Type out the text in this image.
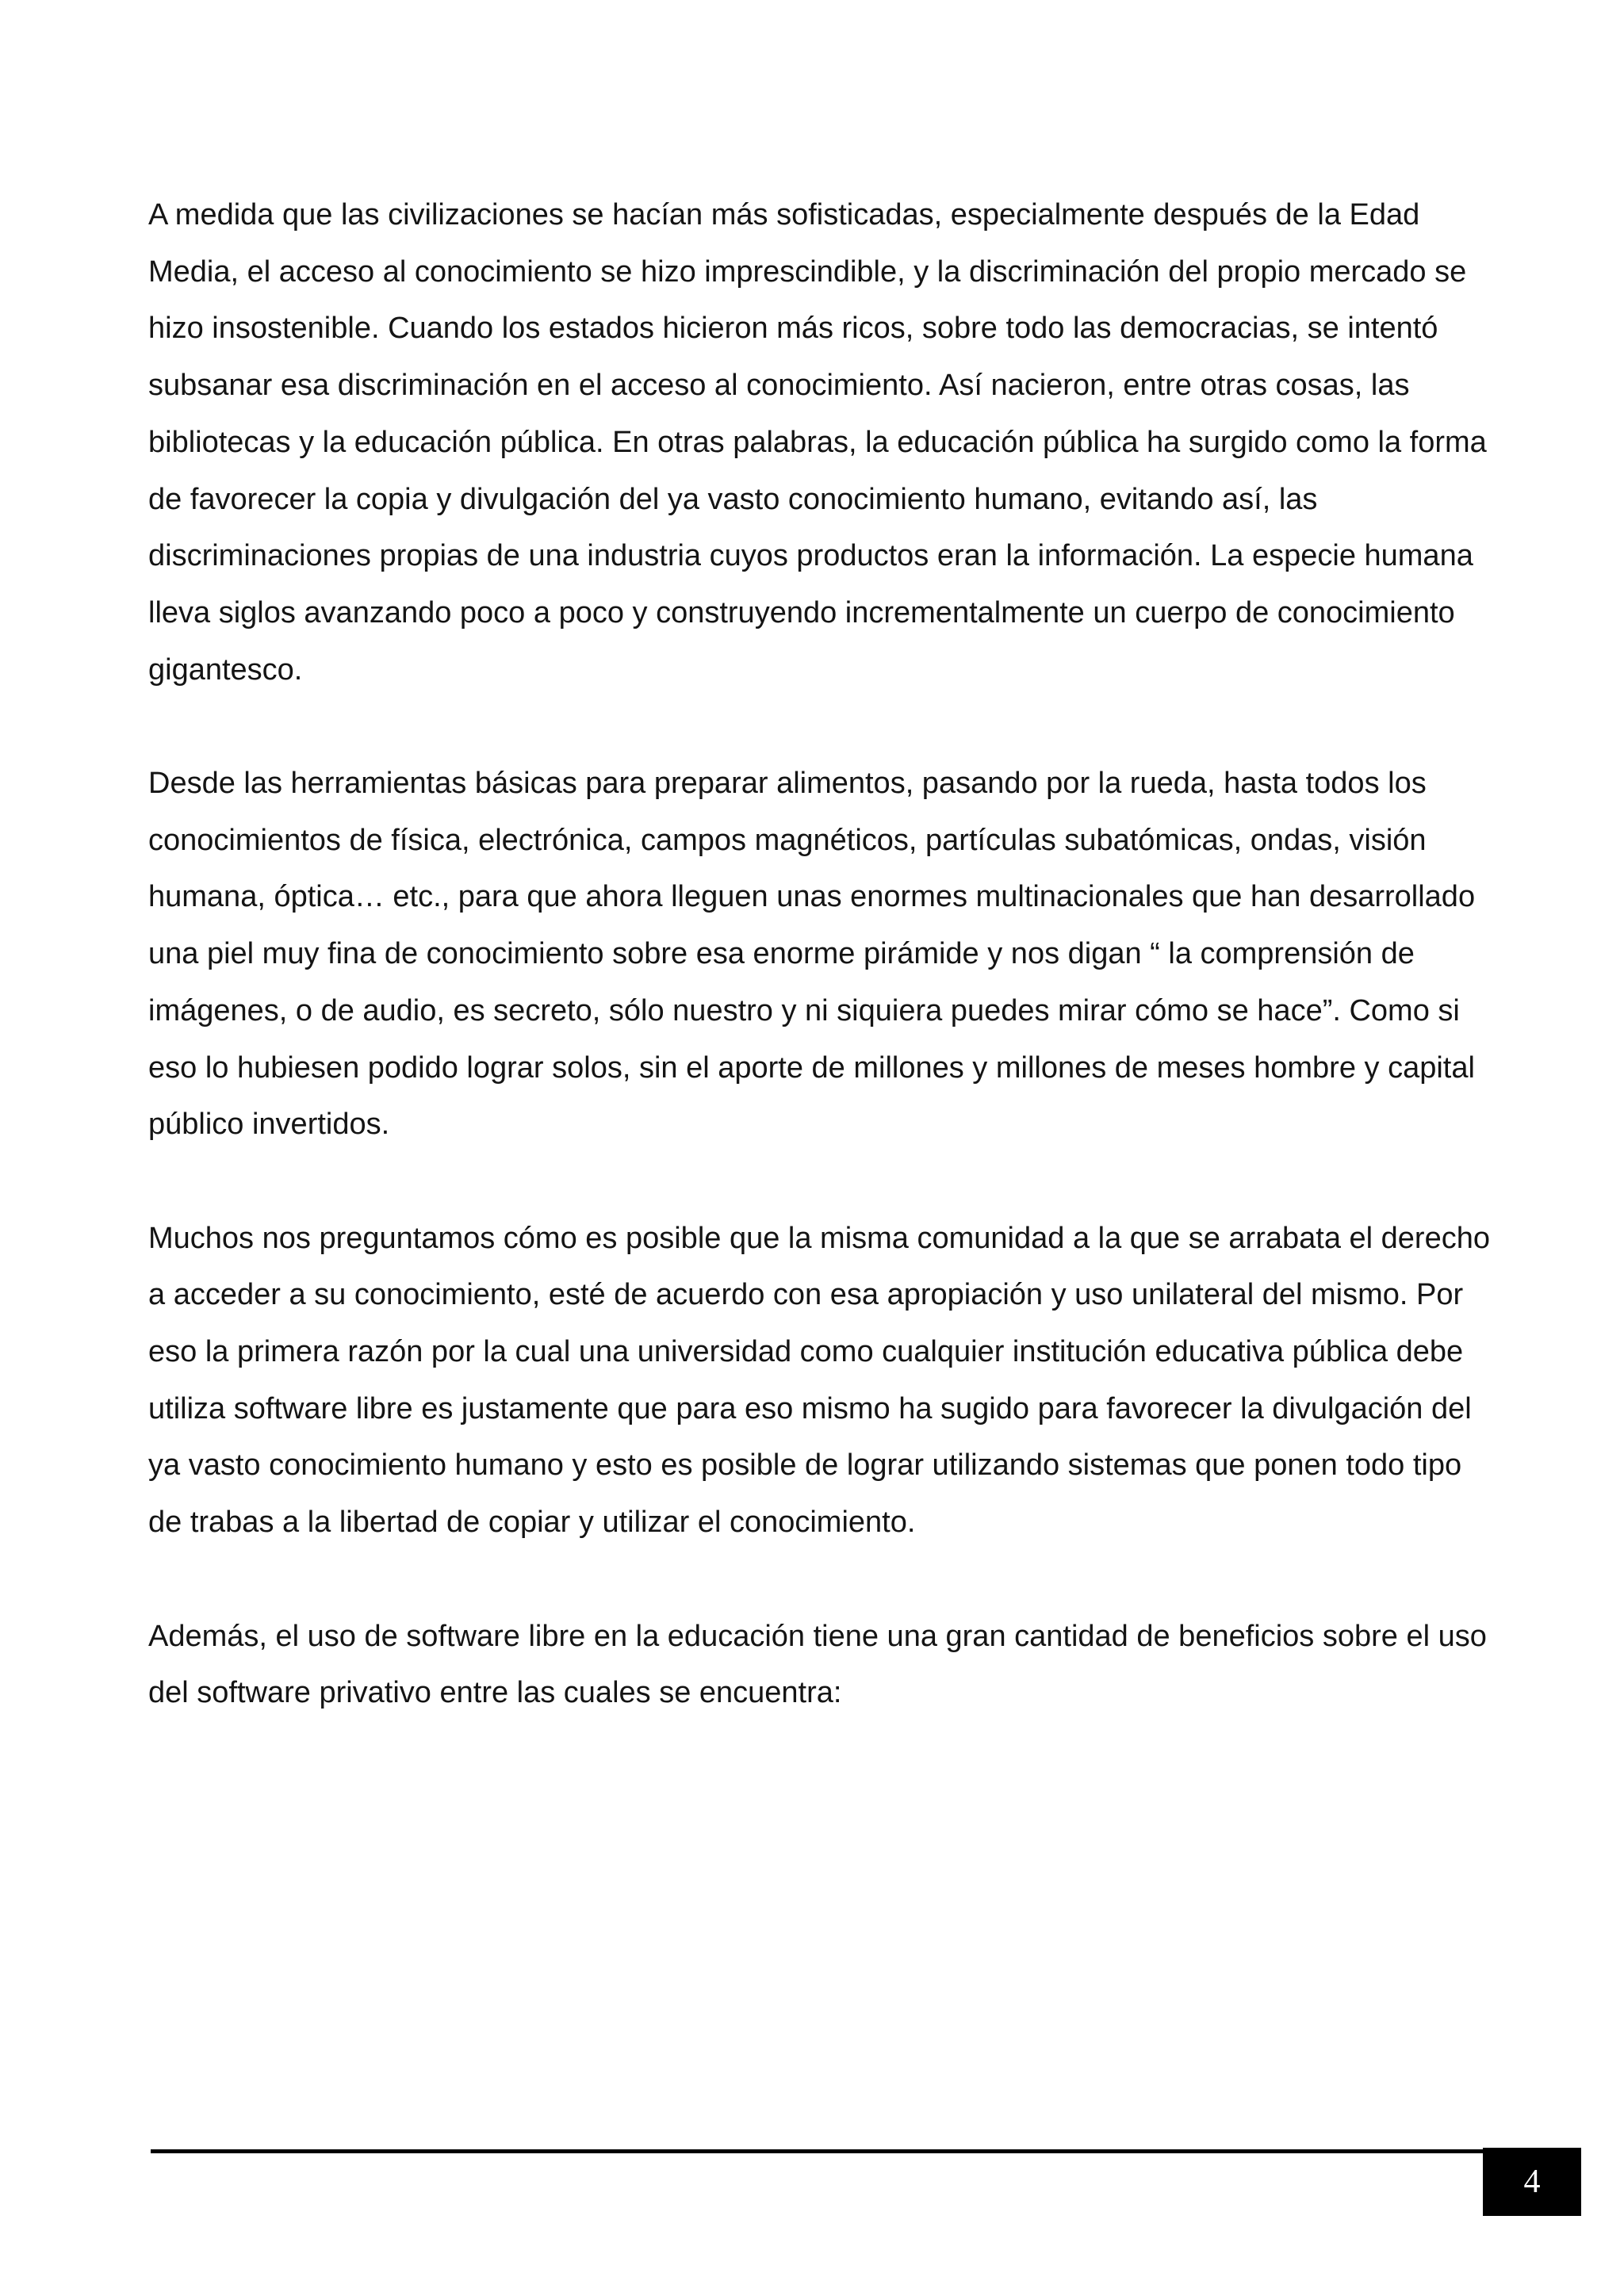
A medida que las civilizaciones se hacían más sofisticadas, especialmente después de la Edad Media, el acceso al conocimiento se hizo imprescindible, y la discriminación del propio mercado se hizo insostenible. Cuando los estados hicieron más ricos, sobre todo las democracias, se intentó subsanar esa discriminación en el acceso al conocimiento. Así nacieron, entre otras cosas, las bibliotecas y la educación pública. En otras palabras, la educación pública ha surgido como la forma de favorecer la copia y divulgación del ya vasto conocimiento humano, evitando así, las discriminaciones propias de una industria cuyos productos eran la información. La especie humana lleva siglos avanzando poco a poco y construyendo incrementalmente un cuerpo de conocimiento gigantesco.

Desde las herramientas básicas para preparar alimentos, pasando por la rueda, hasta todos los conocimientos de física, electrónica, campos magnéticos, partículas subatómicas, ondas, visión humana, óptica… etc., para que ahora lleguen unas enormes multinacionales que han desarrollado una piel muy fina de conocimiento sobre esa enorme pirámide y nos digan “ la comprensión de imágenes, o de audio, es secreto, sólo nuestro y ni siquiera puedes mirar cómo se hace”. Como si eso lo hubiesen podido lograr solos, sin el aporte de millones y millones de meses hombre y capital público invertidos.

Muchos nos preguntamos cómo es posible que la misma comunidad a la que se arrabata el derecho a acceder a su conocimiento, esté de acuerdo con esa apropiación y uso unilateral del mismo. Por eso la primera razón por la cual una universidad como cualquier institución educativa pública debe utiliza software libre es justamente que para eso mismo ha sugido para favorecer la divulgación del ya vasto conocimiento humano y esto es posible de lograr utilizando sistemas que ponen todo tipo de trabas a la libertad de copiar y utilizar el conocimiento.

Además, el uso de software libre en la educación tiene una gran cantidad de beneficios sobre el uso del software privativo entre las cuales se encuentra:

4
